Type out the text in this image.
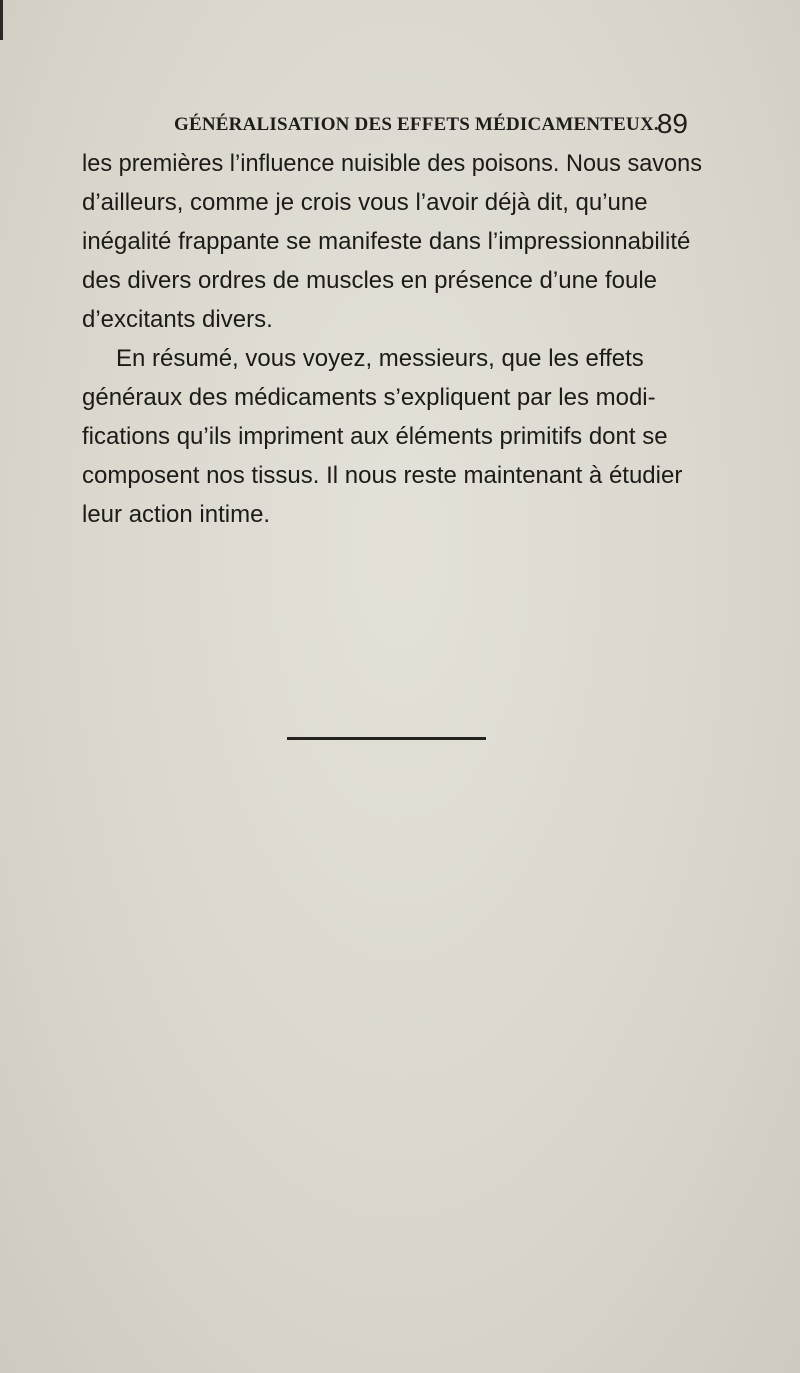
GÉNÉRALISATION DES EFFETS MÉDICAMENTEUX.
89
les premières l’influence nuisible des poisons. Nous savons
d’ailleurs, comme je crois vous l’avoir déjà dit, qu’une
inégalité frappante se manifeste dans l’impressionnabilité
des divers ordres de muscles en présence d’une foule
d’excitants divers.
En résumé, vous voyez, messieurs, que les effets
généraux des médicaments s’expliquent par les modi-
fications qu’ils impriment aux éléments primitifs dont se
composent nos tissus. Il nous reste maintenant à étudier
leur action intime.
